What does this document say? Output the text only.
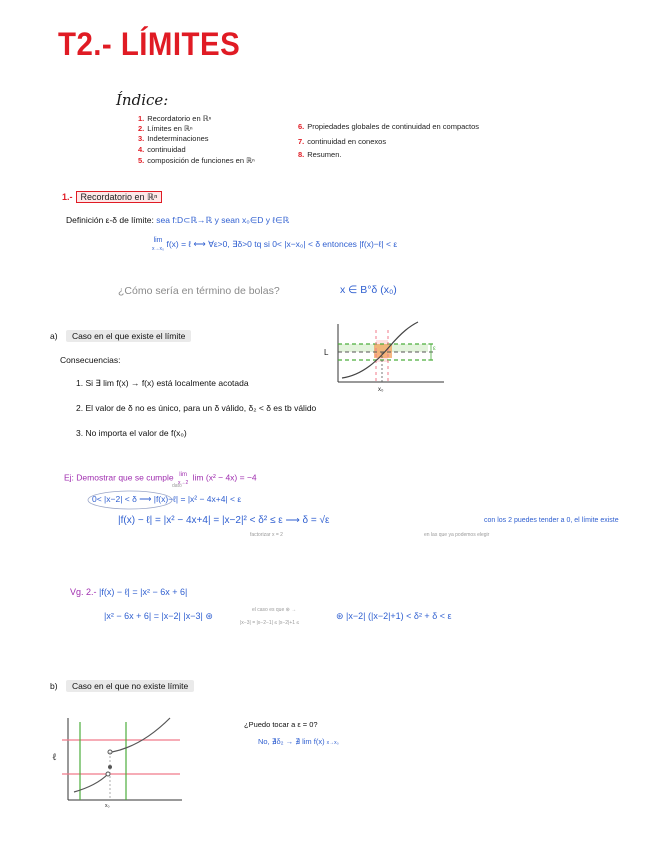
T2.- LÍMITES
Índice:
1. Recordatorio en ℝⁿ
2. Límites en ℝⁿ
3. Indeterminaciones
4. continuidad
5. composición de funciones en ℝⁿ
6. Propiedades globales de continuidad en compactos
7. continuidad en conexos
8. Resumen.
1.- Recordatorio en ℝⁿ
Definición ε-δ de límite: sea f:D⊂ℝ→ℝ y sean x₀∈D y ℓ∈ℝ
lim
x→x₀ f(x) = ℓ ⟷ ∀ε>0, ∃δ>0 tq si 0< |x−x₀| < δ entonces |f(x)−ℓ| < ε
¿Cómo sería en término de bolas?	x ∈ B°δ (x₀)
a) Caso en el que existe el límite
Consecuencias:
1. Si ∃ lim f(x) → f(x) está localmente acotada
2. El valor de δ no es único, para un δ válido, δ₂ < δ es tb válido
3. No importa el valor de f(x₀)
ε
L
x₀
Ej: Demostrar que se cumple lim
x→2 lim (x² − 4x) = −4
dato
0< |x−2| < δ ⟶ |f(x)−ℓ| = |x² − 4x+4| < ε
|f(x) − ℓ| = |x² − 4x+4| = |x−2|² < δ² ≤ ε ⟶ δ = √ε
factorizar x = 2	en las que ya podemos elegir
con los 2 puedes tender a 0, el límite existe
Vg. 2.- |f(x) − ℓ| = |x² − 6x + 6|
|x² − 6x + 6| = |x−2| |x−3| ⊛
el caso es que ⊛ →
|x−3| = |x−2−1| ≤ |x−2|+1 ≤
⊛ |x−2| (|x−2|+1) < δ² + δ < ε
b) Caso en el que no existe límite
¿Puedo tocar a ε = 0?
No, ∄δ₂ → ∄ lim f(x) x→x₀
ℓ
x₀
